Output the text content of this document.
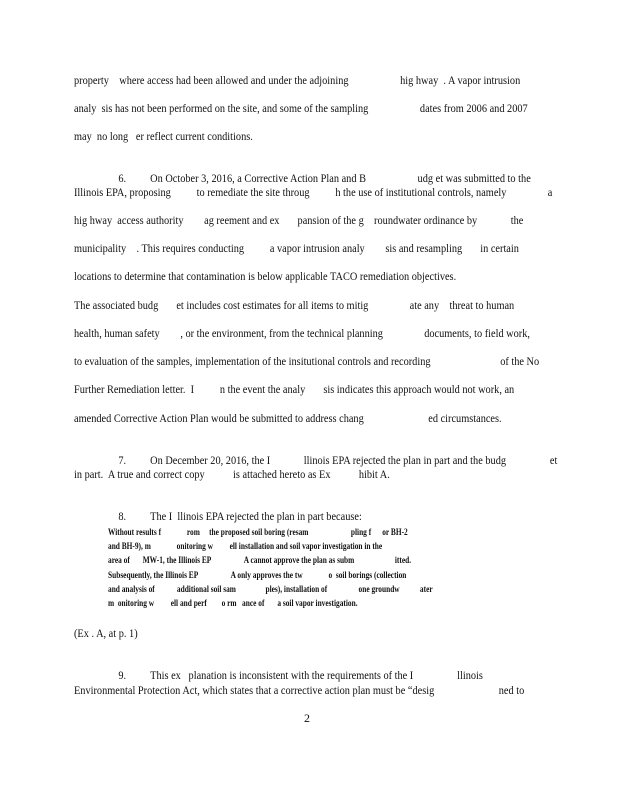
property    where access had been allowed and under the adjoining                    hig hway  . A vapor intrusion
analy  sis has not been performed on the site, and some of the sampling                    dates from 2006 and 2007
may  no long   er reflect current conditions.

6. On October 3, 2016, a Corrective Action Plan and B                    udg et was submitted to the

Illinois EPA, proposing          to remediate the site throug          h the use of institutional controls, namely                a
hig hway  access authority        ag reement and ex       pansion of the g    roundwater ordinance by             the
municipality    . This requires conducting          a vapor intrusion analy        sis and resampling       in certain
locations to determine that contamination is below applicable TACO remediation objectives.
The associated budg       et includes cost estimates for all items to mitig                ate any    threat to human
health, human safety        , or the environment, from the technical planning                documents, to field work,
to evaluation of the samples, implementation of the insitutional controls and recording                           of the No
Further Remediation letter.  I          n the event the analy       sis indicates this approach would not work, an
amended Corrective Action Plan would be submitted to address chang                         ed circumstances.

7. On December 20, 2016, the I             llinois EPA rejected the plan in part and the budg                 et

in part.  A true and correct copy           is attached hereto as Ex           hibit A.

8. The I  llinois EPA rejected the plan in part because:

Without results f              rom     the proposed soil boring (resam                       pling f      or BH-2
and BH-9), m              onitoring w         ell installation and soil vapor investigation in the
area of       MW-1, the Illinois EP                  A cannot approve the plan as subm                      itted.
Subsequently, the Illinois EP                  A only approves the tw              o  soil borings (collection
and analysis of            additional soil sam                ples), installation of                 one groundw           ater
m  onitoring w         ell and perf        o rm   ance of       a soil vapor investigation.
(Ex . A, at p. 1)

9. This ex   planation is inconsistent with the requirements of the I                 llinois

Environmental Protection Act, which states that a corrective action plan must be “desig                         ned to
2
